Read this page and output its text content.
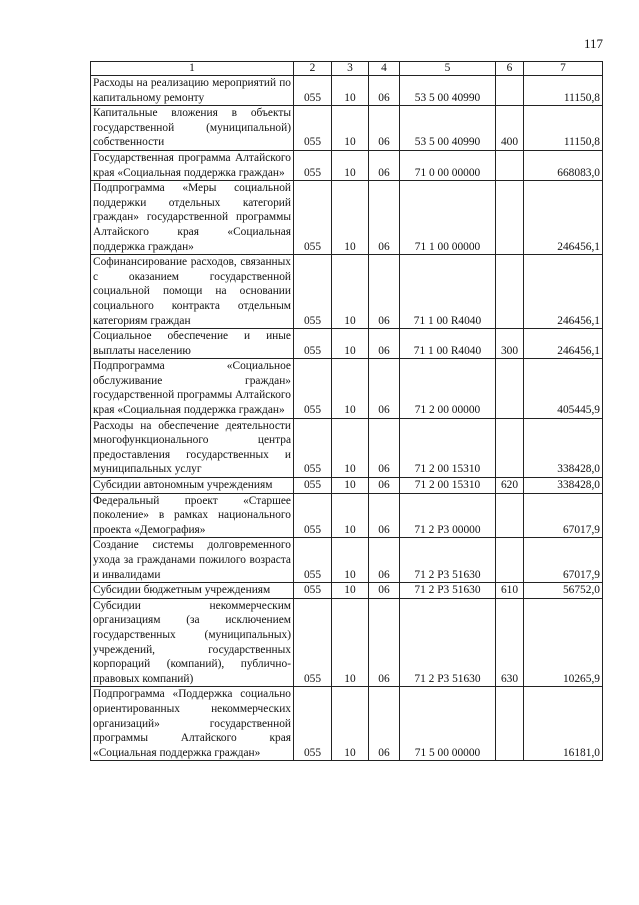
117
1	2	3	4	5	6	7
Расходы на реализацию мероприятий по капитальному ремонту	055	10	06	53 5 00 40990		11150,8
Капитальные вложения в объекты государственной (муниципальной) собственности	055	10	06	53 5 00 40990	400	11150,8
Государственная программа Алтайского края «Социальная поддержка граждан»	055	10	06	71 0 00 00000		668083,0
Подпрограмма «Меры социальной поддержки отдельных категорий граждан» государственной программы Алтайского края «Социальная поддержка граждан»	055	10	06	71 1 00 00000		246456,1
Софинансирование расходов, связанных с оказанием государственной социальной помощи на основании социального контракта отдельным категориям граждан	055	10	06	71 1 00 R4040		246456,1
Социальное обеспечение и иные выплаты населению	055	10	06	71 1 00 R4040	300	246456,1
Подпрограмма «Социальное обслуживание граждан» государственной программы Алтайского края «Социальная поддержка граждан»	055	10	06	71 2 00 00000		405445,9
Расходы на обеспечение деятельности многофункционального центра предоставления государственных и муниципальных услуг	055	10	06	71 2 00 15310		338428,0
Субсидии автономным учреждениям	055	10	06	71 2 00 15310	620	338428,0
Федеральный проект «Старшее поколение» в рамках национального проекта «Демография»	055	10	06	71 2 P3 00000		67017,9
Создание системы долговременного ухода за гражданами пожилого возраста и инвалидами	055	10	06	71 2 P3 51630		67017,9
Субсидии бюджетным учреждениям	055	10	06	71 2 P3 51630	610	56752,0
Субсидии некоммерческим организациям (за исключением государственных (муниципальных) учреждений, государственных корпораций (компаний), публично-правовых компаний)	055	10	06	71 2 P3 51630	630	10265,9
Подпрограмма «Поддержка социально ориентированных некоммерческих организаций» государственной программы Алтайского края «Социальная поддержка граждан»	055	10	06	71 5 00 00000		16181,0
